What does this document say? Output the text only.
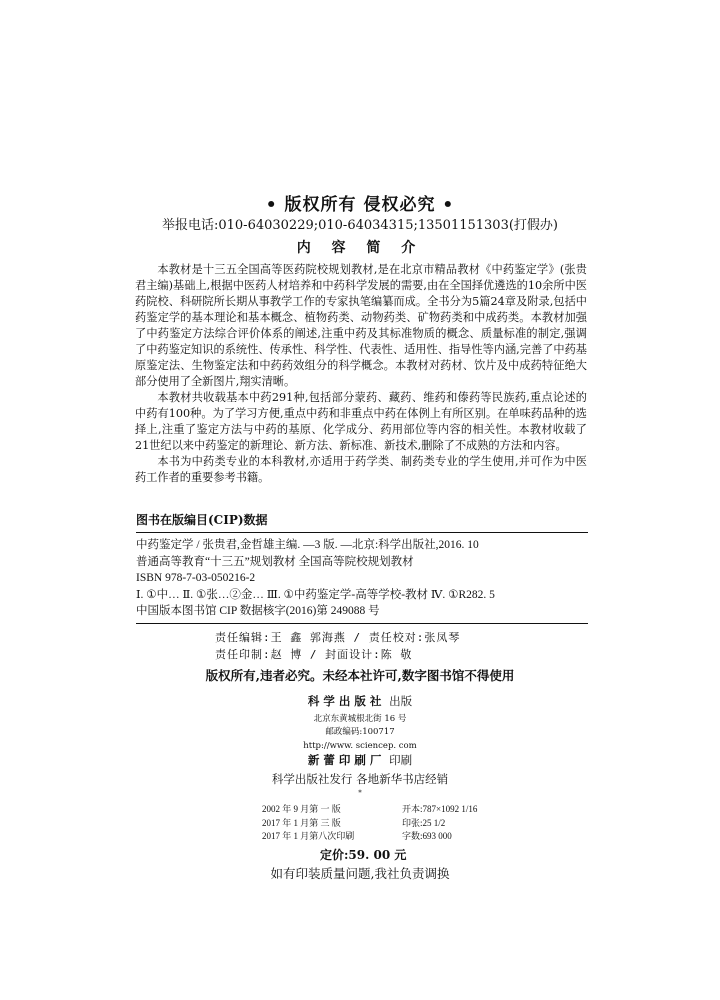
• 版权所有 侵权必究 •
举报电话:010-64030229;010-64034315;13501151303(打假办)
内 容 简 介

本教材是十三五全国高等医药院校规划教材,是在北京市精品教材《中药鉴定学》(张贵君主编)基础上,根据中医药人材培养和中药科学发展的需要,由在全国择优遴选的10余所中医药院校、科研院所长期从事教学工作的专家执笔编纂而成。全书分为5篇24章及附录,包括中药鉴定学的基本理论和基本概念、植物药类、动物药类、矿物药类和中成药类。本教材加强了中药鉴定方法综合评价体系的阐述,注重中药及其标准物质的概念、质量标准的制定,强调了中药鉴定知识的系统性、传承性、科学性、代表性、适用性、指导性等内涵,完善了中药基原鉴定法、生物鉴定法和中药药效组分的科学概念。本教材对药材、饮片及中成药特征绝大部分使用了全新图片,翔实清晰。

本教材共收载基本中药291种,包括部分蒙药、藏药、维药和傣药等民族药,重点论述的中药有100种。为了学习方便,重点中药和非重点中药在体例上有所区别。在单味药品种的选择上,注重了鉴定方法与中药的基原、化学成分、药用部位等内容的相关性。本教材收载了21世纪以来中药鉴定的新理论、新方法、新标准、新技术,删除了不成熟的方法和内容。

本书为中药类专业的本科教材,亦适用于药学类、制药类专业的学生使用,并可作为中医药工作者的重要参考书籍。

图书在版编目(CIP)数据
中药鉴定学 / 张贵君,金哲雄主编. —3 版. —北京:科学出版社,2016. 10
普通高等教育“十三五”规划教材 全国高等院校规划教材
ISBN 978-7-03-050216-2
Ⅰ. ①中… Ⅱ. ①张…②金… Ⅲ. ①中药鉴定学-高等学校-教材 Ⅳ. ①R282. 5
中国版本图书馆 CIP 数据核字(2016)第 249088 号
责任编辑:王 鑫 郭海燕 / 责任校对:张凤琴
责任印制:赵 博 / 封面设计:陈 敬
版权所有,违者必究。未经本社许可,数字图书馆不得使用
科学出版社 出版
北京东黄城根北街 16 号
邮政编码:100717
http://www. sciencep. com
新蕾印刷厂 印刷
科学出版社发行 各地新华书店经销
*
2002 年 9 月第 一 版	开本:787×1092 1/16
2017 年 1 月第 三 版	印张:25 1/2
2017 年 1 月第八次印刷	字数:693 000
定价:59. 00 元
如有印装质量问题,我社负责调换
